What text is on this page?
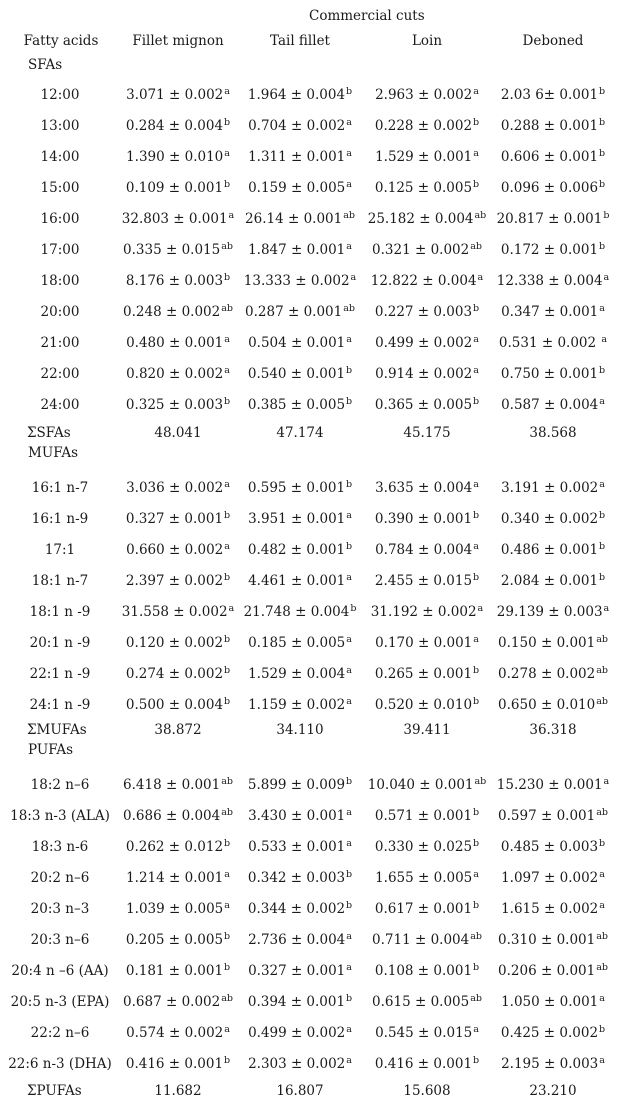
Commercial cuts
Fatty acids	Fillet mignon	Tail fillet	Loin	Deboned
SFAs
12:00	3.071 ± 0.002$^a$ 1.964 ± 0.004$^b$ 2.963 ± 0.002$^a$ 2.03 6± 0.001$^b$
13:00	0.284 ± 0.004$^b$ 0.704 ± 0.002$^a$ 0.228 ± 0.002$^b$ 0.288 ± 0.001$^b$
14:00	1.390 ± 0.010$^a$ 1.311 ± 0.001$^a$ 1.529 ± 0.001$^a$ 0.606 ± 0.001$^b$
15:00	0.109 ± 0.001$^b$ 0.159 ± 0.005$^a$ 0.125 ± 0.005$^b$ 0.096 ± 0.006$^b$
16:00	32.803 ± 0.001$^a$ 26.14 ± 0.001$^{ab}$ 25.182 ± 0.004$^{ab}$ 20.817 ± 0.001$^b$
17:00	0.335 ± 0.015$^{ab}$ 1.847 ± 0.001$^a$ 0.321 ± 0.002$^{ab}$ 0.172 ± 0.001$^b$
18:00	8.176 ± 0.003$^b$ 13.333 ± 0.002$^a$ 12.822 ± 0.004$^a$ 12.338 ± 0.004$^a$
20:00	0.248 ± 0.002$^{ab}$ 0.287 ± 0.001$^{ab}$ 0.227 ± 0.003$^b$ 0.347 ± 0.001$^a$
21:00	0.480 ± 0.001$^a$ 0.504 ± 0.001$^a$ 0.499 ± 0.002$^a$ 0.531 ± 0.002 $^a$
22:00	0.820 ± 0.002$^a$ 0.540 ± 0.001$^b$ 0.914 ± 0.002$^a$ 0.750 ± 0.001$^b$
24:00	0.325 ± 0.003$^b$ 0.385 ± 0.005$^b$ 0.365 ± 0.005$^b$ 0.587 ± 0.004$^a$
ΣSFAs	48.041	47.174	45.175	38.568
MUFAs
16:1 n-7	3.036 ± 0.002$^a$ 0.595 ± 0.001$^b$ 3.635 ± 0.004$^a$ 3.191 ± 0.002$^a$
16:1 n-9	0.327 ± 0.001$^b$ 3.951 ± 0.001$^a$ 0.390 ± 0.001$^b$ 0.340 ± 0.002$^b$
17:1	0.660 ± 0.002$^a$ 0.482 ± 0.001$^b$ 0.784 ± 0.004$^a$ 0.486 ± 0.001$^b$
18:1 n-7	2.397 ± 0.002$^b$ 4.461 ± 0.001$^a$ 2.455 ± 0.015$^b$ 2.084 ± 0.001$^b$
18:1 n -9	31.558 ± 0.002$^a$ 21.748 ± 0.004$^b$ 31.192 ± 0.002$^a$ 29.139 ± 0.003$^a$
20:1 n -9	0.120 ± 0.002$^b$ 0.185 ± 0.005$^a$ 0.170 ± 0.001$^a$ 0.150 ± 0.001$^{ab}$
22:1 n -9	0.274 ± 0.002$^b$ 1.529 ± 0.004$^a$ 0.265 ± 0.001$^b$ 0.278 ± 0.002$^{ab}$
24:1 n -9	0.500 ± 0.004$^b$ 1.159 ± 0.002$^a$ 0.520 ± 0.010$^b$ 0.650 ± 0.010$^{ab}$
ΣMUFAs	38.872	34.110	39.411	36.318
PUFAs
18:2 n–6	6.418 ± 0.001$^{ab}$ 5.899 ± 0.009$^b$ 10.040 ± 0.001$^{ab}$ 15.230 ± 0.001$^a$
18:3 n-3 (ALA) 0.686 ± 0.004$^{ab}$ 3.430 ± 0.001$^a$ 0.571 ± 0.001$^b$ 0.597 ± 0.001$^{ab}$
18:3 n-6	0.262 ± 0.012$^b$ 0.533 ± 0.001$^a$ 0.330 ± 0.025$^b$ 0.485 ± 0.003$^b$
20:2 n–6	1.214 ± 0.001$^a$ 0.342 ± 0.003$^b$ 1.655 ± 0.005$^a$ 1.097 ± 0.002$^a$
20:3 n–3	1.039 ± 0.005$^a$ 0.344 ± 0.002$^b$ 0.617 ± 0.001$^b$ 1.615 ± 0.002$^a$
20:3 n–6	0.205 ± 0.005$^b$ 2.736 ± 0.004$^a$ 0.711 ± 0.004$^{ab}$ 0.310 ± 0.001$^{ab}$
20:4 n –6 (AA)	0.181 ± 0.001$^b$ 0.327 ± 0.001$^a$ 0.108 ± 0.001$^b$ 0.206 ± 0.001$^{ab}$
20:5 n-3 (EPA)	0.687 ± 0.002$^{ab}$ 0.394 ± 0.001$^b$ 0.615 ± 0.005$^{ab}$ 1.050 ± 0.001$^a$
22:2 n–6	0.574 ± 0.002$^a$ 0.499 ± 0.002$^a$ 0.545 ± 0.015$^a$ 0.425 ± 0.002$^b$
22:6 n-3 (DHA)	0.416 ± 0.001$^b$ 2.303 ± 0.002$^a$ 0.416 ± 0.001$^b$ 2.195 ± 0.003$^a$
ΣPUFAs	11.682	16.807	15.608	23.210
